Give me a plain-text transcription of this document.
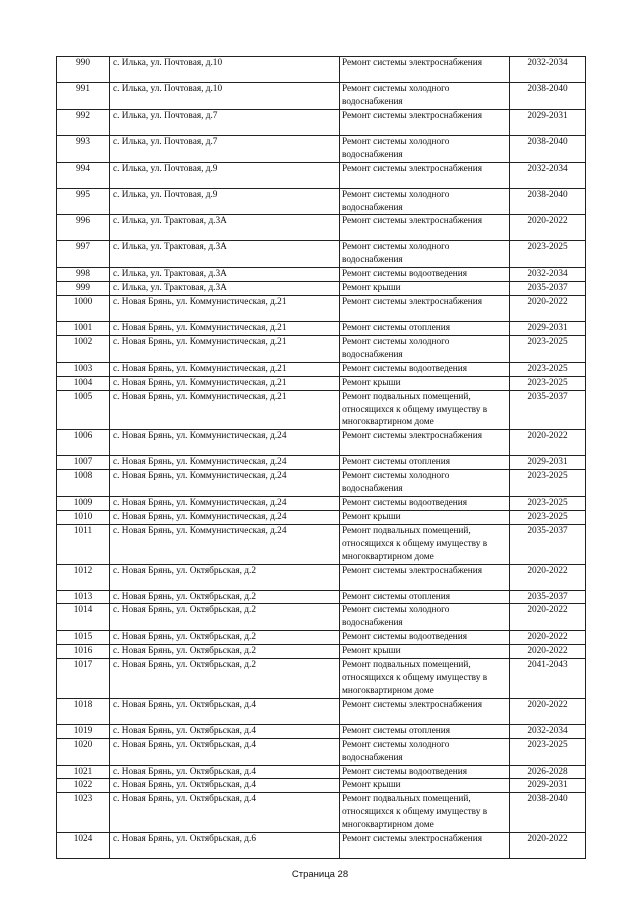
990	с. Илька, ул. Почтовая, д.10	Ремонт системы электроснабжения	2032-2034
991	с. Илька, ул. Почтовая, д.10	Ремонт системы холодного водоснабжения	2038-2040
992	с. Илька, ул. Почтовая, д.7	Ремонт системы электроснабжения	2029-2031
993	с. Илька, ул. Почтовая, д.7	Ремонт системы холодного водоснабжения	2038-2040
994	с. Илька, ул. Почтовая, д.9	Ремонт системы электроснабжения	2032-2034
995	с. Илька, ул. Почтовая, д.9	Ремонт системы холодного водоснабжения	2038-2040
996	с. Илька, ул. Трактовая, д.3А	Ремонт системы электроснабжения	2020-2022
997	с. Илька, ул. Трактовая, д.3А	Ремонт системы холодного водоснабжения	2023-2025
998	с. Илька, ул. Трактовая, д.3А	Ремонт системы водоотведения	2032-2034
999	с. Илька, ул. Трактовая, д.3А	Ремонт крыши	2035-2037
1000	с. Новая Брянь, ул. Коммунистическая, д.21	Ремонт системы электроснабжения	2020-2022
1001	с. Новая Брянь, ул. Коммунистическая, д.21	Ремонт системы отопления	2029-2031
1002	с. Новая Брянь, ул. Коммунистическая, д.21	Ремонт системы холодного водоснабжения	2023-2025
1003	с. Новая Брянь, ул. Коммунистическая, д.21	Ремонт системы водоотведения	2023-2025
1004	с. Новая Брянь, ул. Коммунистическая, д.21	Ремонт крыши	2023-2025
1005	с. Новая Брянь, ул. Коммунистическая, д.21	Ремонт подвальных помещений, относящихся к общему имуществу в многоквартирном доме	2035-2037
1006	с. Новая Брянь, ул. Коммунистическая, д.24	Ремонт системы электроснабжения	2020-2022
1007	с. Новая Брянь, ул. Коммунистическая, д.24	Ремонт системы отопления	2029-2031
1008	с. Новая Брянь, ул. Коммунистическая, д.24	Ремонт системы холодного водоснабжения	2023-2025
1009	с. Новая Брянь, ул. Коммунистическая, д.24	Ремонт системы водоотведения	2023-2025
1010	с. Новая Брянь, ул. Коммунистическая, д.24	Ремонт крыши	2023-2025
1011	с. Новая Брянь, ул. Коммунистическая, д.24	Ремонт подвальных помещений, относящихся к общему имуществу в многоквартирном доме	2035-2037
1012	с. Новая Брянь, ул. Октябрьская, д.2	Ремонт системы электроснабжения	2020-2022
1013	с. Новая Брянь, ул. Октябрьская, д.2	Ремонт системы отопления	2035-2037
1014	с. Новая Брянь, ул. Октябрьская, д.2	Ремонт системы холодного водоснабжения	2020-2022
1015	с. Новая Брянь, ул. Октябрьская, д.2	Ремонт системы водоотведения	2020-2022
1016	с. Новая Брянь, ул. Октябрьская, д.2	Ремонт крыши	2020-2022
1017	с. Новая Брянь, ул. Октябрьская, д.2	Ремонт подвальных помещений, относящихся к общему имуществу в многоквартирном доме	2041-2043
1018	с. Новая Брянь, ул. Октябрьская, д.4	Ремонт системы электроснабжения	2020-2022
1019	с. Новая Брянь, ул. Октябрьская, д.4	Ремонт системы отопления	2032-2034
1020	с. Новая Брянь, ул. Октябрьская, д.4	Ремонт системы холодного водоснабжения	2023-2025
1021	с. Новая Брянь, ул. Октябрьская, д.4	Ремонт системы водоотведения	2026-2028
1022	с. Новая Брянь, ул. Октябрьская, д.4	Ремонт крыши	2029-2031
1023	с. Новая Брянь, ул. Октябрьская, д.4	Ремонт подвальных помещений, относящихся к общему имуществу в многоквартирном доме	2038-2040
1024	с. Новая Брянь, ул. Октябрьская, д.6	Ремонт системы электроснабжения	2020-2022
Страница 28
